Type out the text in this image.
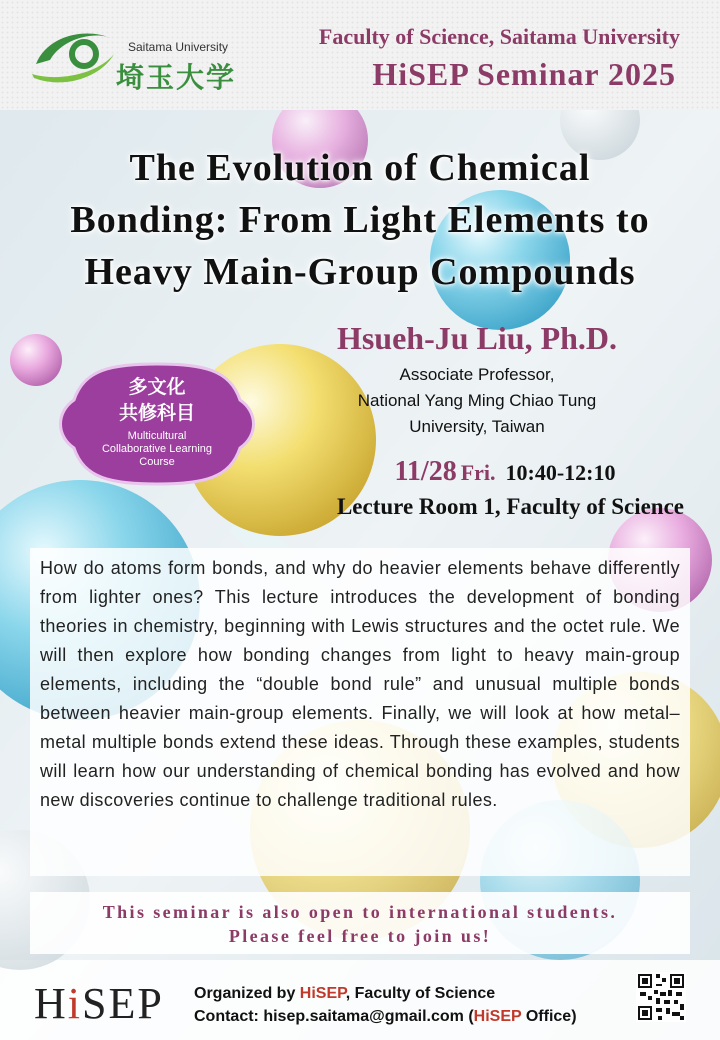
Saitama University
埼玉大学
Faculty of Science, Saitama University
HiSEP Seminar 2025
The Evolution of Chemical
Bonding: From Light Elements to
Heavy Main-Group Compounds
多文化
共修科目
Multicultural
Collaborative Learning
Course
Hsueh-Ju Liu, Ph.D.
Associate Professor,
National Yang Ming Chiao Tung
University, Taiwan
11/28 Fri. 10:40-12:10
Lecture Room 1, Faculty of Science

How do atoms form bonds, and why do heavier elements behave differently from lighter ones? This lecture introduces the development of bonding theories in chemistry, beginning with Lewis structures and the octet rule. We will then explore how bonding changes from light to heavy main-group elements, including the “double bond rule” and unusual multiple bonds between heavier main-group elements. Finally, we will look at how metal–metal multiple bonds extend these ideas. Through these examples, students will learn how our understanding of chemical bonding has evolved and how new discoveries continue to challenge traditional rules.

This seminar is also open to international students.
Please feel free to join us!
HiSEP Organized by HiSEP, Faculty of Science
Contact: hisep.saitama@gmail.com (HiSEP Office)
